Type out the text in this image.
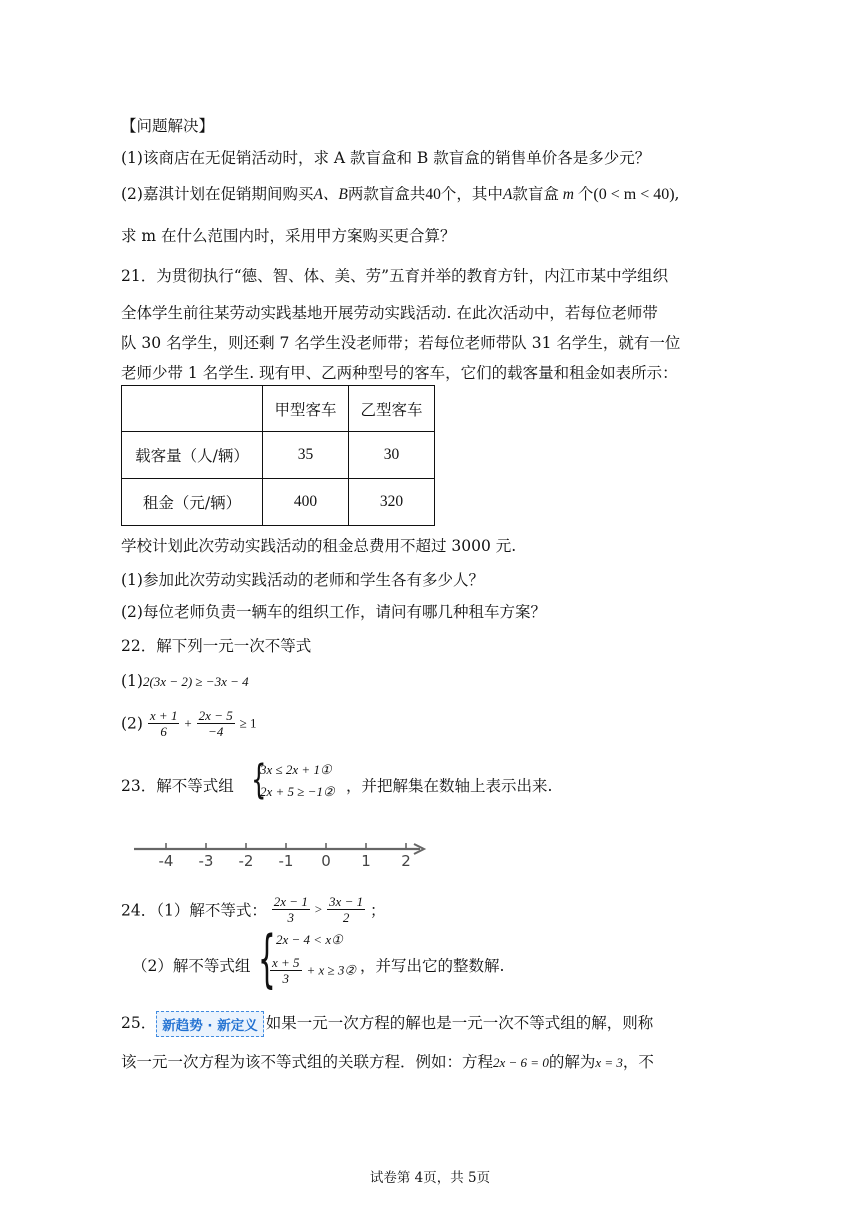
【问题解决】
(1)该商店在无促销活动时，求 A 款盲盒和 B 款盲盒的销售单价各是多少元？
(2)嘉淇计划在促销期间购买A、B两款盲盒共40个，其中A款盲盒 m 个(0 < m < 40),
求 m 在什么范围内时，采用甲方案购买更合算？
21．为贯彻执行“德、智、体、美、劳”五育并举的教育方针，内江市某中学组织
全体学生前往某劳动实践基地开展劳动实践活动. 在此次活动中，若每位老师带
队 30 名学生，则还剩 7 名学生没老师带；若每位老师带队 31 名学生，就有一位
老师少带 1 名学生. 现有甲、乙两种型号的客车，它们的载客量和租金如表所示：
	甲型客车	乙型客车
载客量（人/辆）	35	30
租金（元/辆）	400	320
学校计划此次劳动实践活动的租金总费用不超过 3000 元.
(1)参加此次劳动实践活动的老师和学生各有多少人？
(2)每位老师负责一辆车的组织工作，请问有哪几种租车方案？
22．解下列一元一次不等式
(1)2(3x − 2) ≥ −3x − 4
$(2) \frac{x + 1}{6} + \frac{2x - 5}{-4} \ge 1$
23．解不等式组 {
3x ≤ 2x + 1①
2x + 5 ≥ −1② ，并把解集在数轴上表示出来.
-4 -3 -2 -1 0 1 2
24．（1）解不等式： $\frac{2x - 1}{3} > \frac{3x - 1}{2}$ ；
（2）解不等式组 { 2x − 4 < x①
$\frac{x + 5}{3} + x$ ≥ 3② ，并写出它的整数解.
25． 新趋势 · 新定义 如果一元一次方程的解也是一元一次不等式组的解，则称
该一元一次方程为该不等式组的关联方程．例如：方程2x − 6 = 0的解为x = 3，不
试卷第 4页，共 5页
